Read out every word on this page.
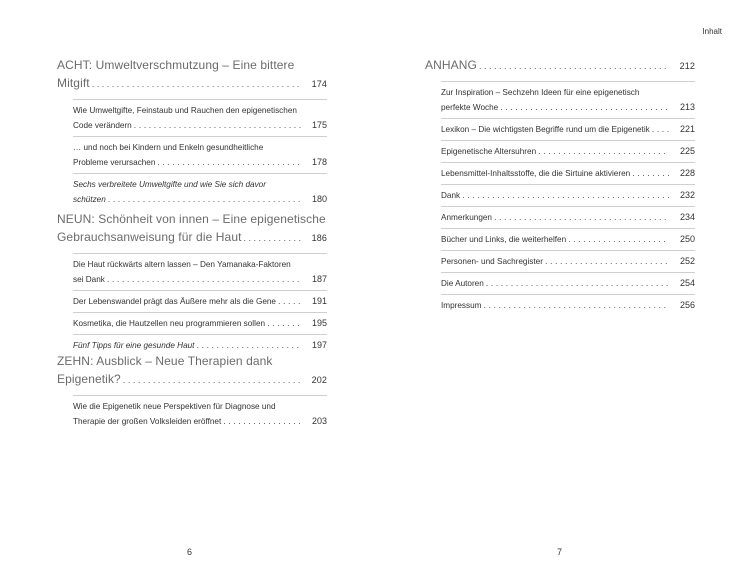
ACHT: Umweltverschmutzung – Eine bittere
Mitgift . . .	174
Wie Umweltgifte, Feinstaub und Rauchen den epigenetischen
Code verändern . . .	175
… und noch bei Kindern und Enkeln gesundheitliche
Probleme verursachen . . .	178
Sechs verbreitete Umweltgifte und wie Sie sich davor
schützen . . .	180
NEUN: Schönheit von innen – Eine epigenetische
Gebrauchsanweisung für die Haut . . .	186
Die Haut rückwärts altern lassen – Den Yamanaka-Faktoren
sei Dank . . .	187
Der Lebenswandel prägt das Äußere mehr als die Gene . . .	191
Kosmetika, die Hautzellen neu programmieren sollen . . .	195
Fünf Tipps für eine gesunde Haut . . .	197
ZEHN: Ausblick – Neue Therapien dank
Epigenetik? . . .	202
Wie die Epigenetik neue Perspektiven für Diagnose und
Therapie der großen Volksleiden eröffnet . . .	203
6
Inhalt
ANHANG . . .	212
Zur Inspiration – Sechzehn Ideen für eine epigenetisch
perfekte Woche . . .	213
Lexikon – Die wichtigsten Begriffe rund um die Epigenetik . . .	221
Epigenetische Altersuhren . . .	225
Lebensmittel-Inhaltsstoffe, die die Sirtuine aktivieren . . .	228
Dank . . .	232
Anmerkungen . . .	234
Bücher und Links, die weiterhelfen . . .	250
Personen- und Sachregister . . .	252
Die Autoren . . .	254
Impressum . . .	256
7
